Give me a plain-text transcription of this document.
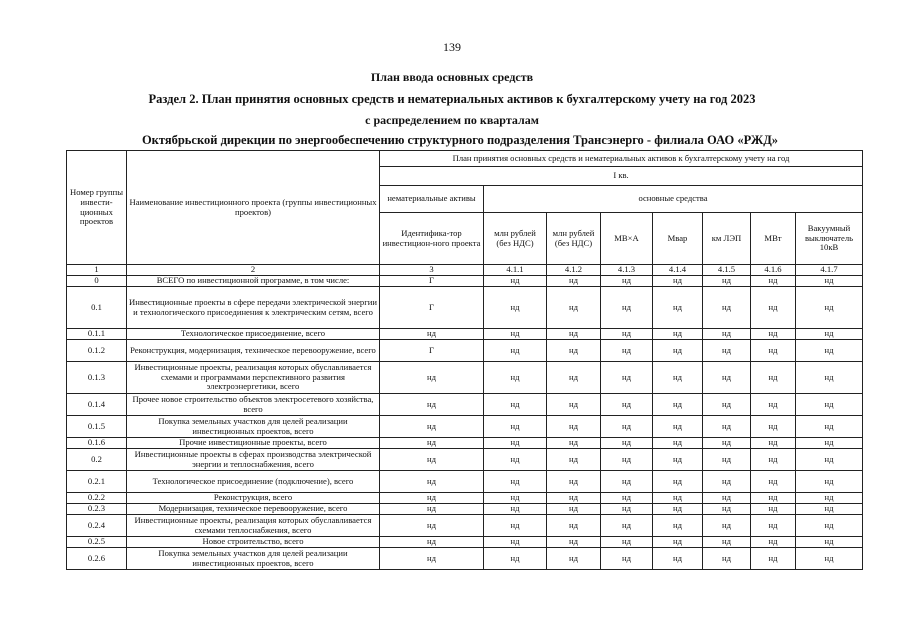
139
План ввода основных средств
Раздел 2. План принятия основных средств и нематериальных активов к бухгалтерскому учету на год 2023
с распределением по кварталам
Октябрьской дирекции по энергообеспечению структурного подразделения Трансэнерго - филиала ОАО «РЖД»
Номер группы инвести-ционных проектов	Наименование инвестиционного проекта (группы инвестиционных проектов)	План принятия основных средств и нематериальных активов к бухгалтерскому учету на год							
		I кв.							
		нематериальные активы	основные средства						
		Идентифика-тор инвестицион-ного проекта	млн рублей (без НДС)	млн рублей (без НДС)	МВ×А	Мвар	км ЛЭП	МВт	Вакуумный выключатель 10кВ
1	2	3	4.1.1	4.1.2	4.1.3	4.1.4	4.1.5	4.1.6	4.1.7
0	ВСЕГО по инвестиционной программе, в том числе:	Г	нд	нд	нд	нд	нд	нд	нд
0.1	Инвестиционные проекты в сфере передачи электрической энергии и технологического присоединения к электрическим сетям, всего	Г	нд	нд	нд	нд	нд	нд	нд
0.1.1	Технологическое присоединение, всего	нд	нд	нд	нд	нд	нд	нд	нд
0.1.2	Реконструкция, модернизация, техническое перевооружение, всего	Г	нд	нд	нд	нд	нд	нд	нд
0.1.3	Инвестиционные проекты, реализация которых обуславливается схемами и программами перспективного развития электроэнергетики, всего	нд	нд	нд	нд	нд	нд	нд	нд
0.1.4	Прочее новое строительство объектов электросетевого хозяйства, всего	нд	нд	нд	нд	нд	нд	нд	нд
0.1.5	Покупка земельных участков для целей реализации инвестиционных проектов, всего	нд	нд	нд	нд	нд	нд	нд	нд
0.1.6	Прочие инвестиционные проекты, всего	нд	нд	нд	нд	нд	нд	нд	нд
0.2	Инвестиционные проекты в сферах производства электрической энергии и теплоснабжения, всего	нд	нд	нд	нд	нд	нд	нд	нд
0.2.1	Технологическое присоединение (подключение), всего	нд	нд	нд	нд	нд	нд	нд	нд
0.2.2	Реконструкция, всего	нд	нд	нд	нд	нд	нд	нд	нд
0.2.3	Модернизация, техническое перевооружение, всего	нд	нд	нд	нд	нд	нд	нд	нд
0.2.4	Инвестиционные проекты, реализация которых обуславливается схемами теплоснабжения, всего	нд	нд	нд	нд	нд	нд	нд	нд
0.2.5	Новое строительство, всего	нд	нд	нд	нд	нд	нд	нд	нд
0.2.6	Покупка земельных участков для целей реализации инвестиционных проектов, всего	нд	нд	нд	нд	нд	нд	нд	нд
